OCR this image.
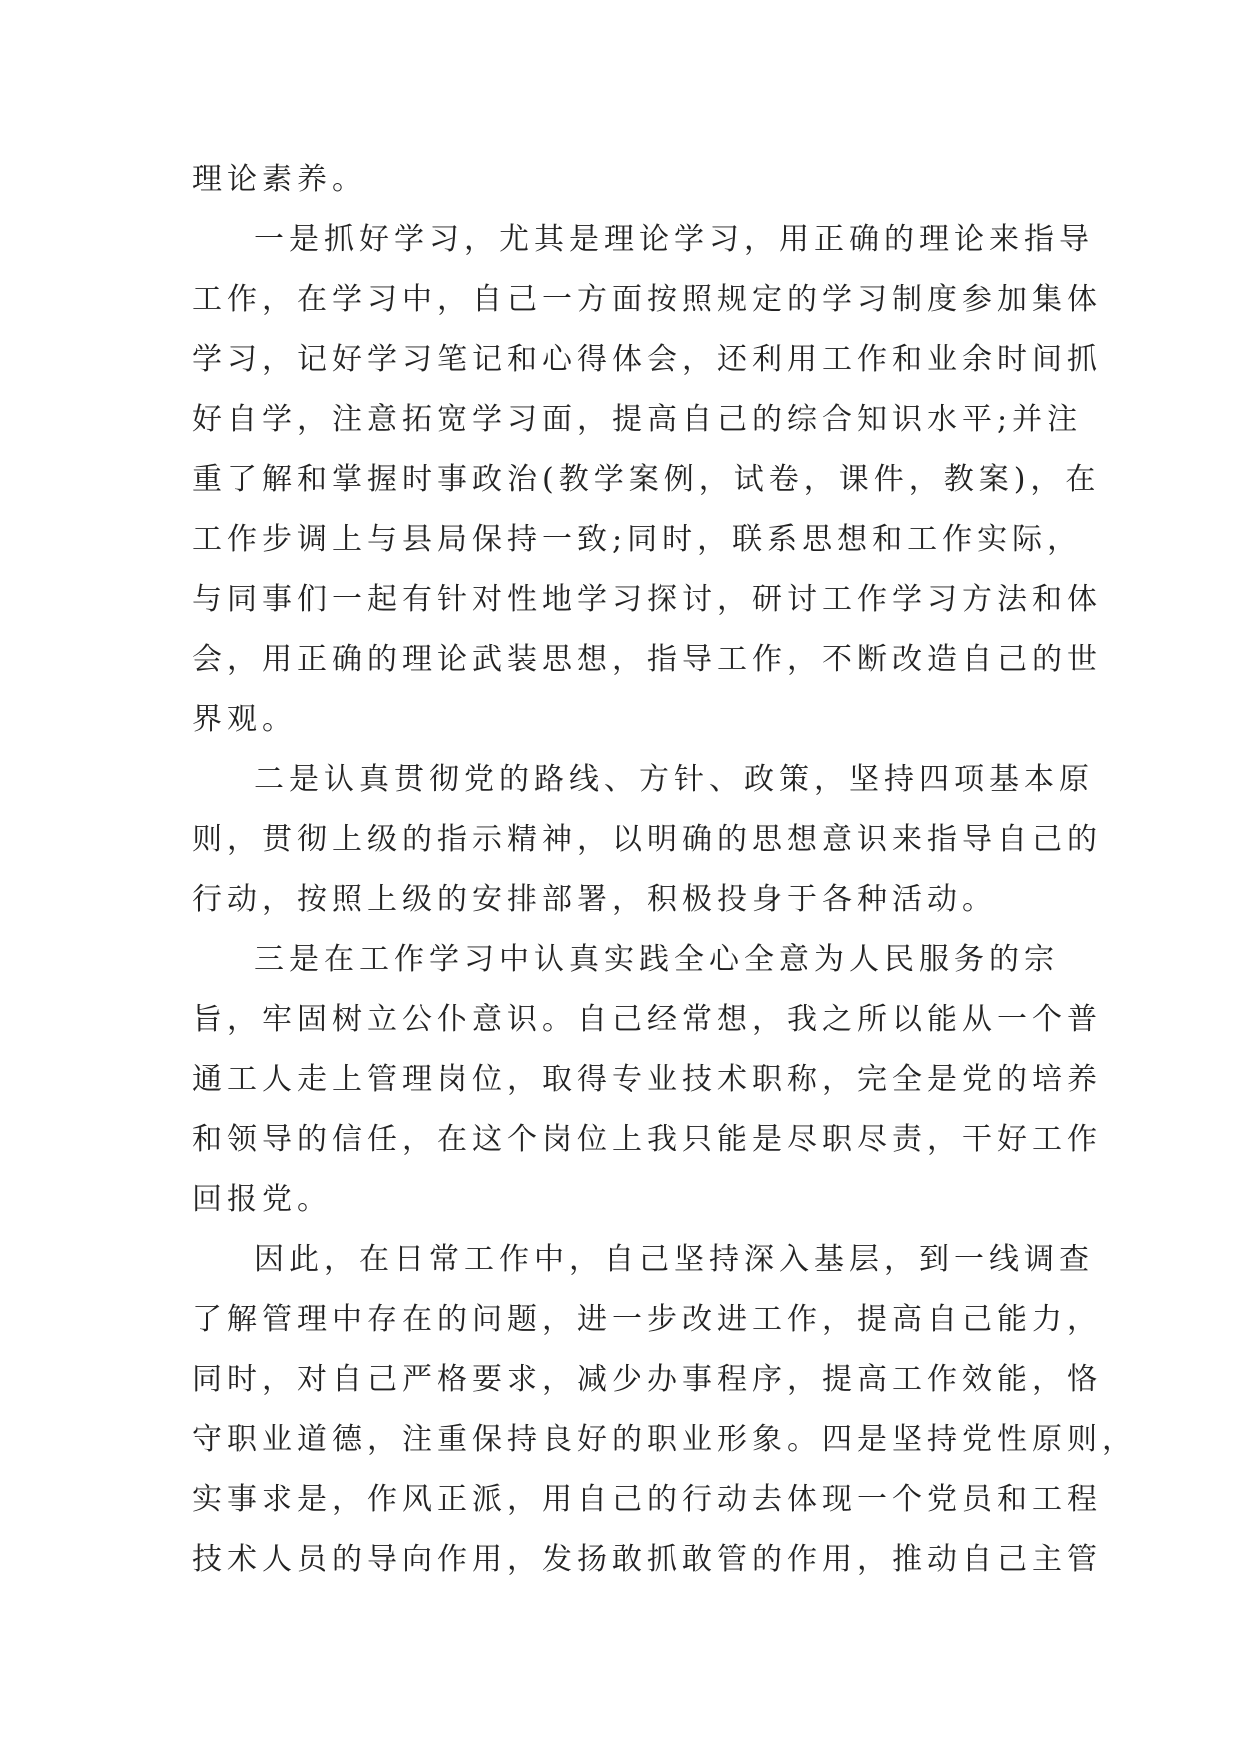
理论素养。
一是抓好学习，尤其是理论学习，用正确的理论来指导
工作，在学习中，自己一方面按照规定的学习制度参加集体
学习，记好学习笔记和心得体会，还利用工作和业余时间抓
好自学，注意拓宽学习面，提高自己的综合知识水平;并注
重了解和掌握时事政治(教学案例，试卷，课件，教案)，在
工作步调上与县局保持一致;同时，联系思想和工作实际，
与同事们一起有针对性地学习探讨，研讨工作学习方法和体
会，用正确的理论武装思想，指导工作，不断改造自己的世
界观。
二是认真贯彻党的路线、方针、政策，坚持四项基本原
则，贯彻上级的指示精神，以明确的思想意识来指导自己的
行动，按照上级的安排部署，积极投身于各种活动。
三是在工作学习中认真实践全心全意为人民服务的宗
旨，牢固树立公仆意识。自己经常想，我之所以能从一个普
通工人走上管理岗位，取得专业技术职称，完全是党的培养
和领导的信任，在这个岗位上我只能是尽职尽责，干好工作
回报党。
因此，在日常工作中，自己坚持深入基层，到一线调查
了解管理中存在的问题，进一步改进工作，提高自己能力，
同时，对自己严格要求，减少办事程序，提高工作效能，恪
守职业道德，注重保持良好的职业形象。四是坚持党性原则，
实事求是，作风正派，用自己的行动去体现一个党员和工程
技术人员的导向作用，发扬敢抓敢管的作用，推动自己主管
